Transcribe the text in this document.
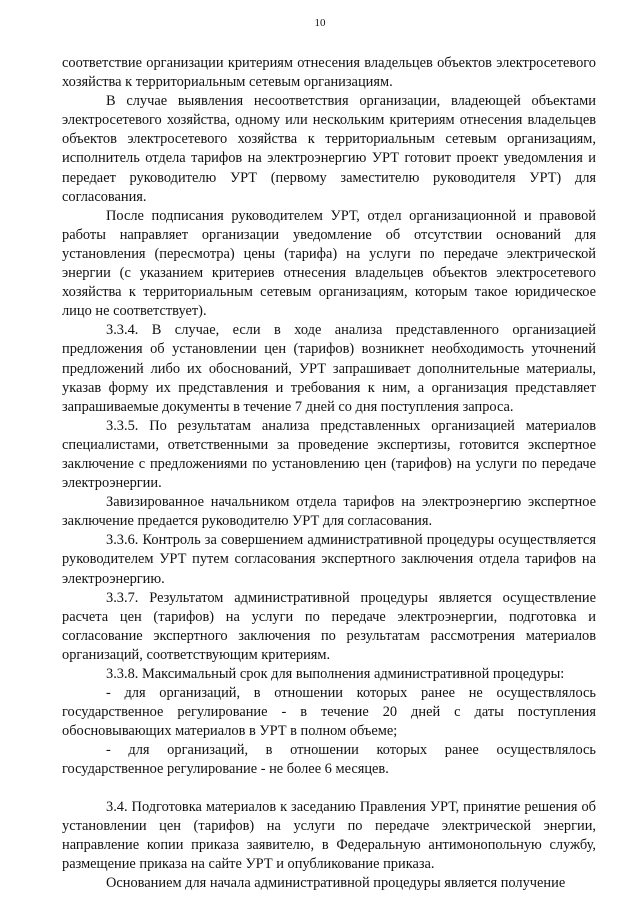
10

соответствие организации критериям отнесения владельцев объектов электросетевого хозяйства к территориальным сетевым организациям.

В случае выявления несоответствия организации, владеющей объектами электросетевого хозяйства, одному или нескольким критериям отнесения владельцев объектов электросетевого хозяйства к территориальным сетевым организациям, исполнитель отдела тарифов на электроэнергию УРТ готовит проект уведомления и передает руководителю УРТ (первому заместителю руководителя УРТ) для согласования.

После подписания руководителем УРТ, отдел организационной и правовой работы направляет организации уведомление об отсутствии оснований для установления (пересмотра) цены (тарифа) на услуги по передаче электрической энергии (с указанием критериев отнесения владельцев объектов электросетевого хозяйства к территориальным сетевым организациям, которым такое юридическое лицо не соответствует).

3.3.4. В случае, если в ходе анализа представленного организацией предложения об установлении цен (тарифов) возникнет необходимость уточнений предложений либо их обоснований, УРТ запрашивает дополнительные материалы, указав форму их представления и требования к ним, а организация представляет запрашиваемые документы в течение 7 дней со дня поступления запроса.

3.3.5. По результатам анализа представленных организацией материалов специалистами, ответственными за проведение экспертизы, готовится экспертное заключение с предложениями по установлению цен (тарифов) на услуги по передаче электроэнергии.

Завизированное начальником отдела тарифов на электроэнергию экспертное заключение предается руководителю УРТ для согласования.

3.3.6. Контроль за совершением административной процедуры осуществляется руководителем УРТ путем согласования экспертного заключения отдела тарифов на электроэнергию.

3.3.7. Результатом административной процедуры является осуществление расчета цен (тарифов) на услуги по передаче электроэнергии, подготовка и согласование экспертного заключения по результатам рассмотрения материалов организаций, соответствующим критериям.

3.3.8. Максимальный срок для выполнения административной процедуры:

- для организаций, в отношении которых ранее не осуществлялось государственное регулирование - в течение 20 дней с даты поступления обосновывающих материалов в УРТ в полном объеме;

- для организаций, в отношении которых ранее осуществлялось государственное регулирование - не более 6 месяцев.

3.4. Подготовка материалов к заседанию Правления УРТ, принятие решения об установлении цен (тарифов) на услуги по передаче электрической энергии, направление копии приказа заявителю, в Федеральную антимонопольную службу, размещение приказа на сайте УРТ и опубликование приказа.

Основанием для начала административной процедуры является получение
